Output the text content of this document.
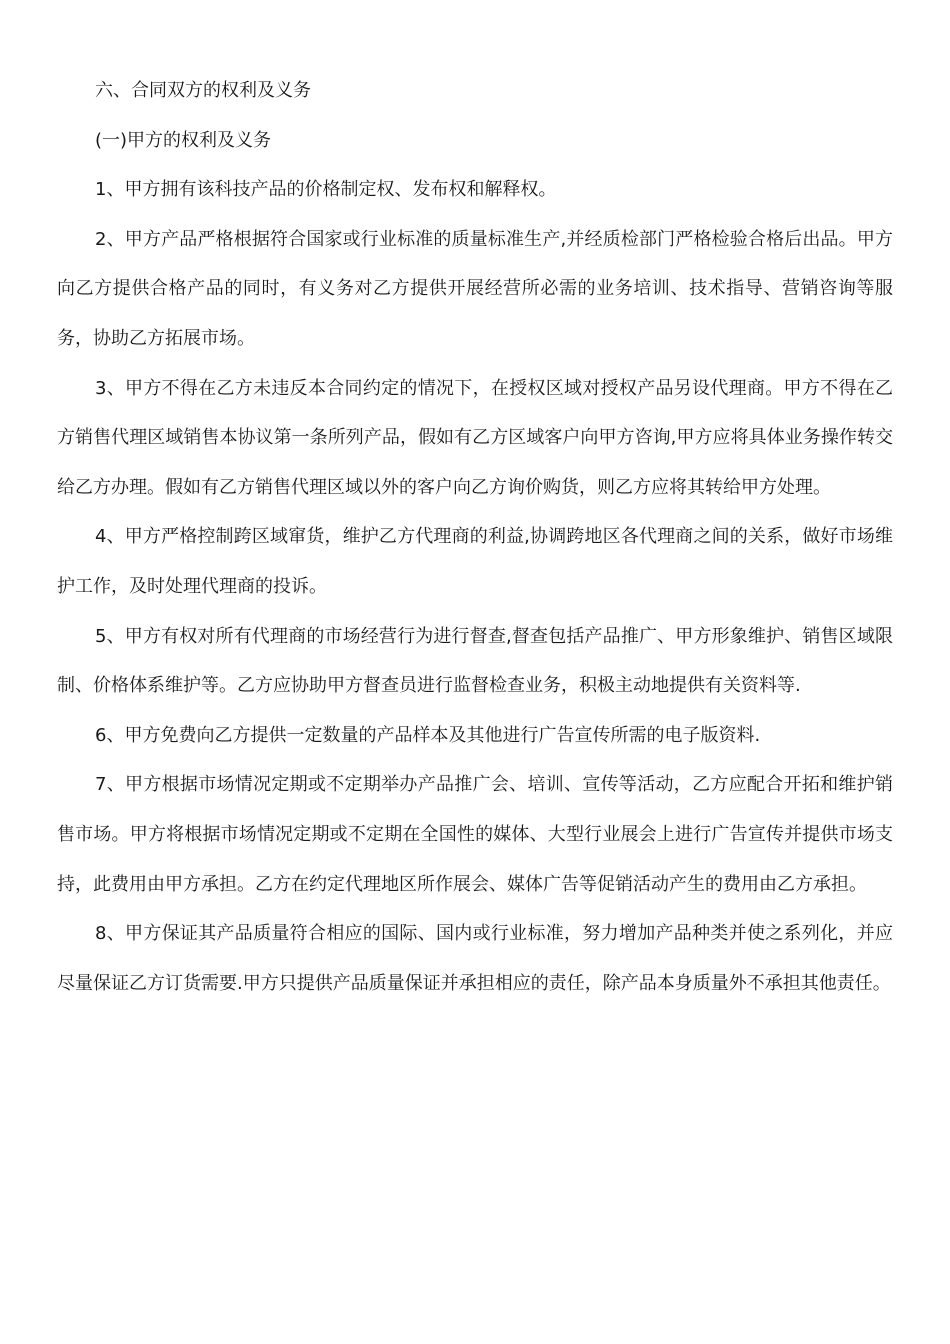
六、合同双方的权利及义务

(一)甲方的权利及义务

1、甲方拥有该科技产品的价格制定权、发布权和解释权。

2、甲方产品严格根据符合国家或行业标准的质量标准生产,并经质检部门严格检验合格后出品。甲方向乙方提供合格产品的同时，有义务对乙方提供开展经营所必需的业务培训、技术指导、营销咨询等服务，协助乙方拓展市场。

3、甲方不得在乙方未违反本合同约定的情况下，在授权区域对授权产品另设代理商。甲方不得在乙方销售代理区域销售本协议第一条所列产品，假如有乙方区域客户向甲方咨询,甲方应将具体业务操作转交给乙方办理。假如有乙方销售代理区域以外的客户向乙方询价购货，则乙方应将其转给甲方处理。

4、甲方严格控制跨区域窜货，维护乙方代理商的利益,协调跨地区各代理商之间的关系，做好市场维护工作，及时处理代理商的投诉。

5、甲方有权对所有代理商的市场经营行为进行督查,督查包括产品推广、甲方形象维护、销售区域限制、价格体系维护等。乙方应协助甲方督查员进行监督检查业务，积极主动地提供有关资料等.

6、甲方免费向乙方提供一定数量的产品样本及其他进行广告宣传所需的电子版资料.

7、甲方根据市场情况定期或不定期举办产品推广会、培训、宣传等活动，乙方应配合开拓和维护销售市场。甲方将根据市场情况定期或不定期在全国性的媒体、大型行业展会上进行广告宣传并提供市场支持，此费用由甲方承担。乙方在约定代理地区所作展会、媒体广告等促销活动产生的费用由乙方承担。

8、甲方保证其产品质量符合相应的国际、国内或行业标准，努力增加产品种类并使之系列化，并应尽量保证乙方订货需要.甲方只提供产品质量保证并承担相应的责任，除产品本身质量外不承担其他责任。
